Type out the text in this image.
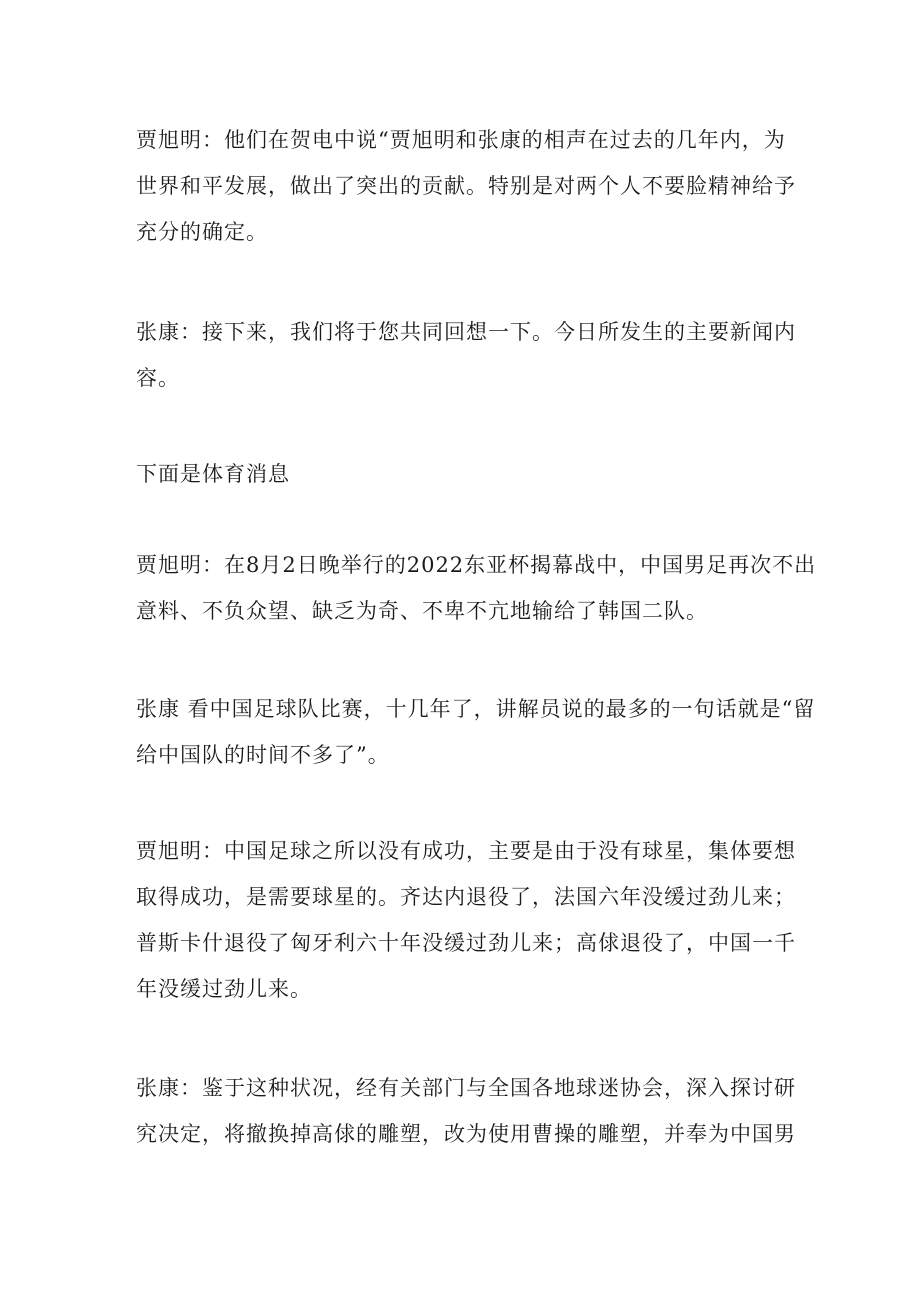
贾旭明：他们在贺电中说“贾旭明和张康的相声在过去的几年内，为
世界和平发展，做出了突出的贡献。特别是对两个人不要脸精神给予
充分的确定。

张康：接下来，我们将于您共同回想一下。今日所发生的主要新闻内
容。

下面是体育消息

贾旭明：在8月2日晚举行的2022东亚杯揭幕战中，中国男足再次不出
意料、不负众望、缺乏为奇、不卑不亢地输给了韩国二队。

张康 看中国足球队比赛，十几年了，讲解员说的最多的一句话就是“留
给中国队的时间不多了”。

贾旭明：中国足球之所以没有成功，主要是由于没有球星，集体要想
取得成功，是需要球星的。齐达内退役了，法国六年没缓过劲儿来；
普斯卡什退役了匈牙利六十年没缓过劲儿来；高俅退役了，中国一千
年没缓过劲儿来。

张康：鉴于这种状况，经有关部门与全国各地球迷协会，深入探讨研
究决定，将撤换掉高俅的雕塑，改为使用曹操的雕塑，并奉为中国男
